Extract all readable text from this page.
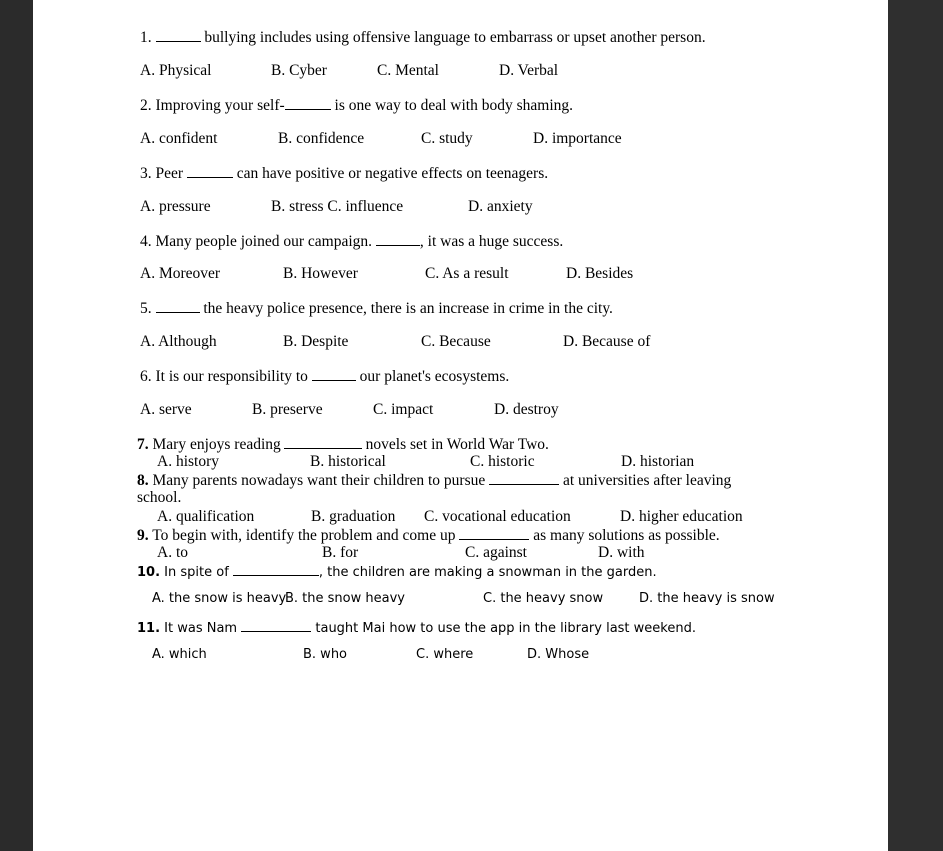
1.	bullying includes using offensive language to embarrass or upset another person.
A. Physical	B. Cyber	C. Mental	D. Verbal
2. Improving your self-	is one way to deal with body shaming.
A. confident	B. confidence	C. study	D. importance
3. Peer	can have positive or negative effects on teenagers.
A. pressure	B. stress C. influence	D. anxiety
4. Many people joined our campaign.	, it was a huge success.
A. Moreover	B. However	C. As a result	D. Besides
5.	the heavy police presence, there is an increase in crime in the city.
A. Although	B. Despite	C. Because	D. Because of
6. It is our responsibility to	our planet's ecosystems.
A. serve	B. preserve	C. impact	D. destroy
7. Mary enjoys reading	novels set in World War Two.
A. history	B. historical	C. historic	D. historian
8. Many parents nowadays want their children to pursue	at universities after leaving
school.
A. qualification	B. graduation C. vocational education	D. higher education
9. To begin with, identify the problem and come up	as many solutions as possible.
A. to	B. for	C. against	D. with
10. In spite of	, the children are making a snowman in the garden.
A. the snow is heavy
B. the snow heavy	C. the heavy snow	D. the heavy is snow
11. It was Nam	taught Mai how to use the app in the library last weekend.
A. which	B. who	C. where	D. Whose
